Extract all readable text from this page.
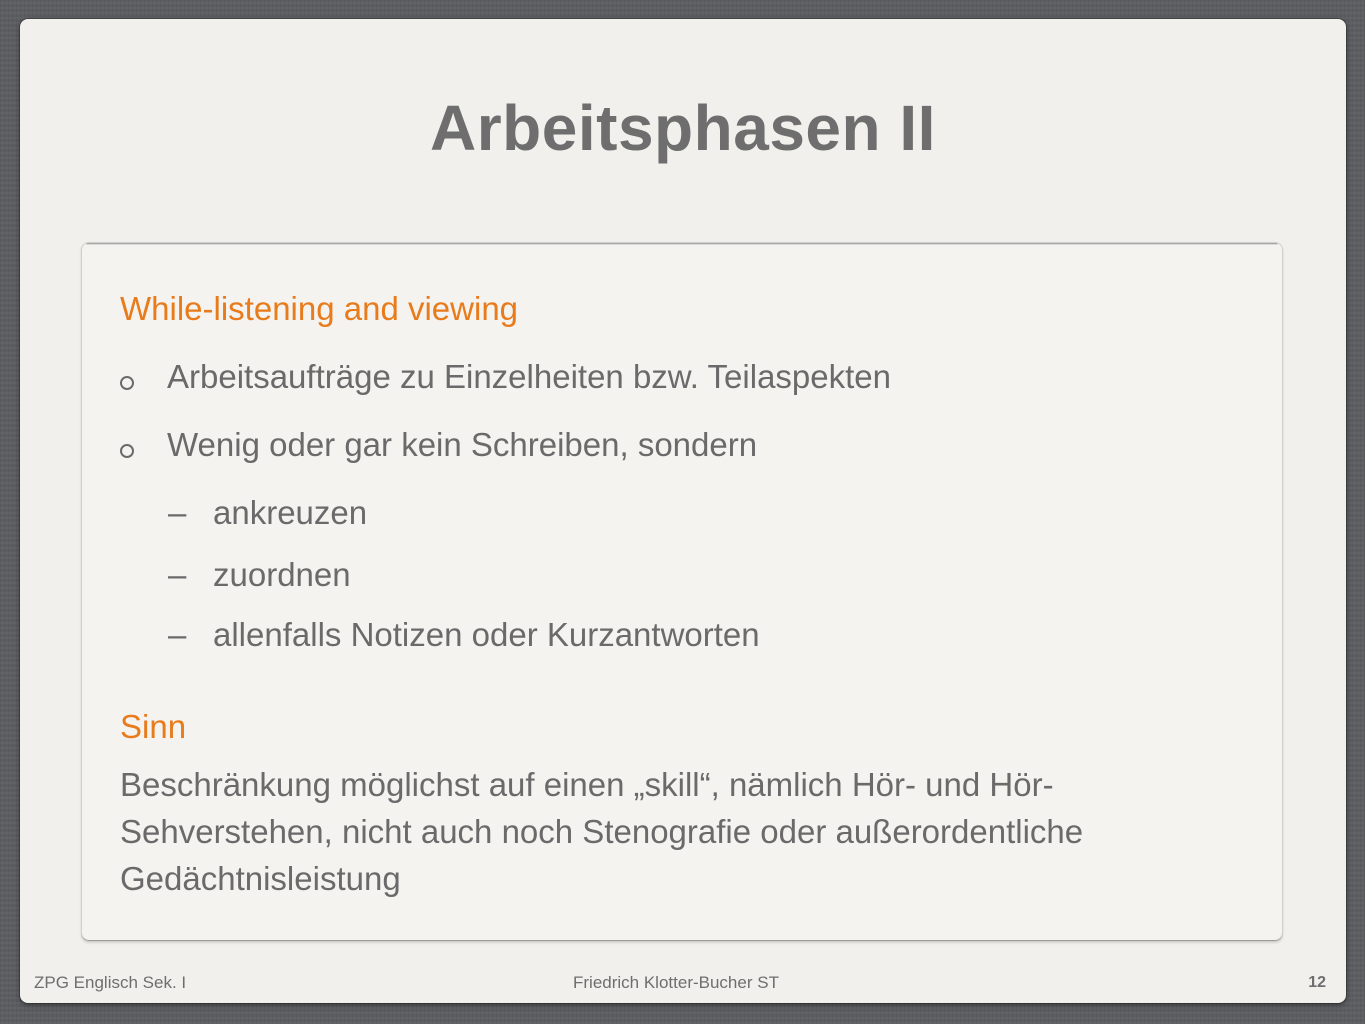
Arbeitsphasen II
While-listening and viewing
Arbeitsaufträge zu Einzelheiten bzw. Teilaspekten
Wenig oder gar kein Schreiben, sondern
– ankreuzen
– zuordnen
– allenfalls Notizen oder Kurzantworten
Sinn
Beschränkung möglichst auf einen „skill“, nämlich Hör- und Hör-Sehverstehen, nicht auch noch Stenografie oder außerordentliche Gedächtnisleistung
ZPG Englisch Sek. I	Friedrich Klotter-Bucher ST	12
